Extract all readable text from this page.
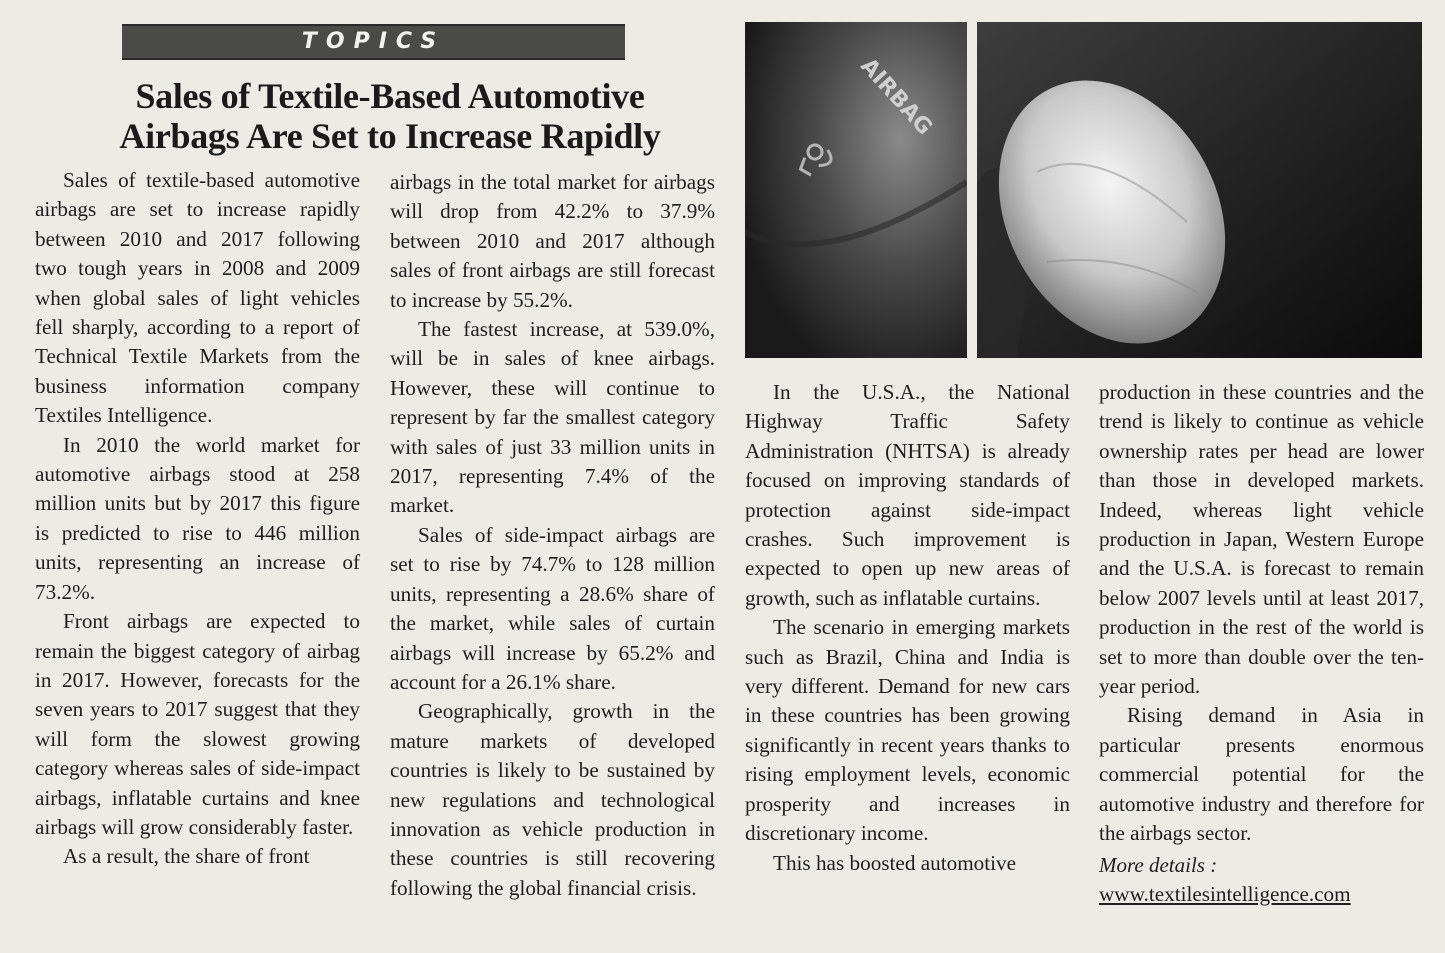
TOPICS
Sales of Textile-Based Automotive
Airbags Are Set to Increase Rapidly

Sales of textile-based automotive airbags are set to increase rapidly between 2010 and 2017 following two tough years in 2008 and 2009 when global sales of light vehicles fell sharply, according to a report of Technical Textile Markets from the business information company Textiles Intelligence.

In 2010 the world market for automotive airbags stood at 258 million units but by 2017 this figure is predicted to rise to 446 million units, representing an increase of 73.2%.

Front airbags are expected to remain the biggest category of airbag in 2017. However, forecasts for the seven years to 2017 suggest that they will form the slowest growing category whereas sales of side-impact airbags, inflatable curtains and knee airbags will grow considerably faster.

As a result, the share of front

airbags in the total market for airbags will drop from 42.2% to 37.9% between 2010 and 2017 although sales of front airbags are still forecast to increase by 55.2%.

The fastest increase, at 539.0%, will be in sales of knee airbags. However, these will continue to represent by far the smallest category with sales of just 33 million units in 2017, representing 7.4% of the market.

Sales of side-impact airbags are set to rise by 74.7% to 128 million units, representing a 28.6% share of the market, while sales of curtain airbags will increase by 65.2% and account for a 26.1% share.

Geographically, growth in the mature markets of developed countries is likely to be sustained by new regulations and technological innovation as vehicle production in these countries is still recovering following the global financial crisis.

AIRBAG

In the U.S.A., the National Highway Traffic Safety Administration (NHTSA) is already focused on improving standards of protection against side-impact crashes. Such improvement is expected to open up new areas of growth, such as inflatable curtains.

The scenario in emerging markets such as Brazil, China and India is very different. Demand for new cars in these countries has been growing significantly in recent years thanks to rising employment levels, economic prosperity and increases in discretionary income.

This has boosted automotive

production in these countries and the trend is likely to continue as vehicle ownership rates per head are lower than those in developed markets. Indeed, whereas light vehicle production in Japan, Western Europe and the U.S.A. is forecast to remain below 2007 levels until at least 2017, production in the rest of the world is set to more than double over the ten-year period.

Rising demand in Asia in particular presents enormous commercial potential for the automotive industry and therefore for the airbags sector.

More details :

www.textilesintelligence.com
